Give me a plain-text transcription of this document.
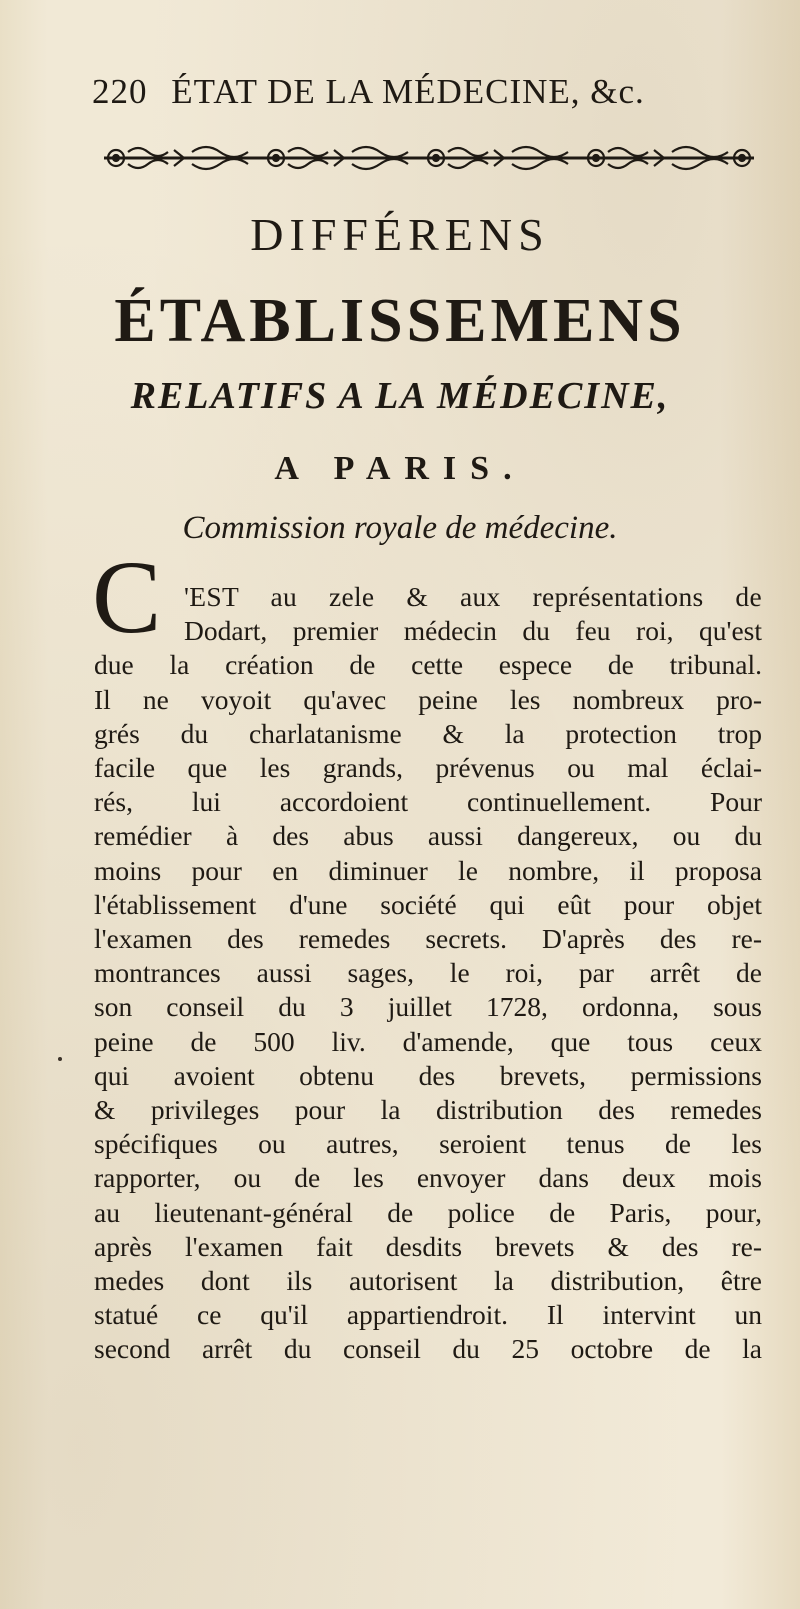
220 ÉTAT DE LA MÉDECINE, &c.
DIFFÉRENS
ÉTABLISSEMENS
RELATIFS A LA MÉDECINE,
A PARIS.
Commission royale de médecine.
C 'EST au zele & aux représentations de
Dodart, premier médecin du feu roi, qu'est
due la création de cette espece de tribunal.
Il ne voyoit qu'avec peine les nombreux pro-
grés du charlatanisme & la protection trop
facile que les grands, prévenus ou mal éclai-
rés, lui accordoient continuellement. Pour
remédier à des abus aussi dangereux, ou du
moins pour en diminuer le nombre, il proposa
l'établissement d'une société qui eût pour objet
l'examen des remedes secrets. D'après des re-
montrances aussi sages, le roi, par arrêt de
son conseil du 3 juillet 1728, ordonna, sous
peine de 500 liv. d'amende, que tous ceux
qui avoient obtenu des brevets, permissions
& privileges pour la distribution des remedes
spécifiques ou autres, seroient tenus de les
rapporter, ou de les envoyer dans deux mois
au lieutenant-général de police de Paris, pour,
après l'examen fait desdits brevets & des re-
medes dont ils autorisent la distribution, être
statué ce qu'il appartiendroit. Il intervint un
second arrêt du conseil du 25 octobre de la
